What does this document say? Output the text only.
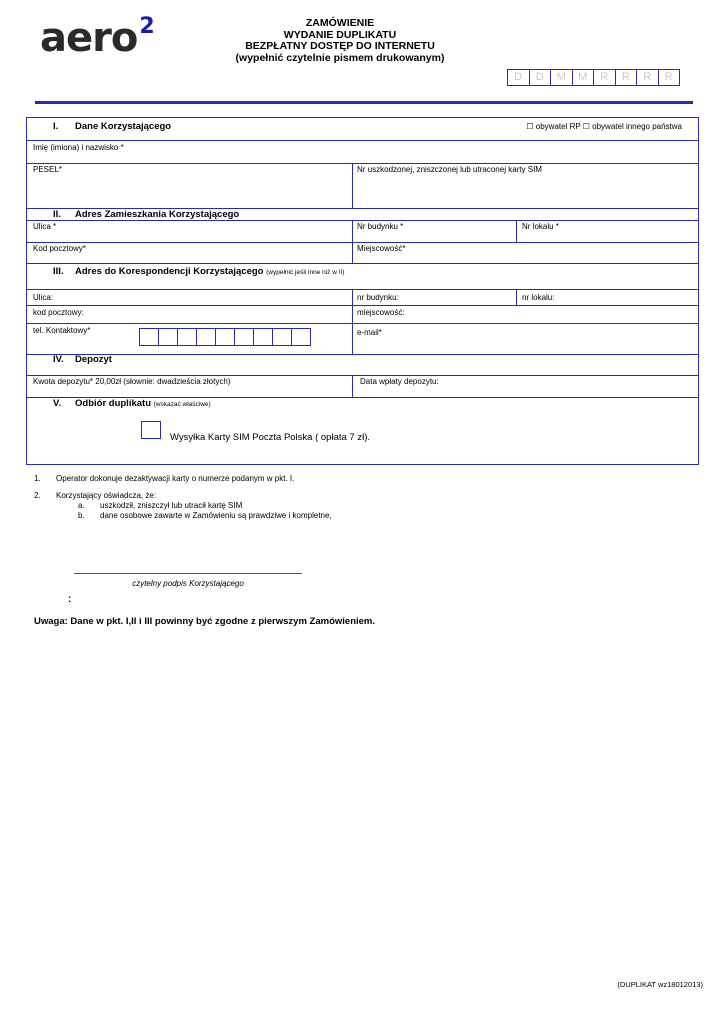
aero$^2$	ZAMÓWIENIE
WYDANIE DUPLIKATU
BEZPŁATNY DOSTĘP DO INTERNETU
(wypełnić czytelnie pismem drukowanym)
D	D	M	M	R	R	R	R
I. Dane Korzystającego	☐ obywatel RP ☐ obywatel innego państwa
Imię (imiona) i nazwisko *
PESEL*	Nr uszkodzonej, zniszczonej lub utraconej karty SIM
II. Adres Zamieszkania Korzystającego
Ulica *	Nr budynku *	Nr lokalu *
Kod pocztowy*	Miejscowość*
III. Adres do Korespondencji Korzystającego (wypełnić jeśli inne niż w II)
Ulica:	nr budynku:	nr lokalu:
kod pocztowy:	miejscowość:
tel. Kontaktowy*	e-mail*
IV. Depozyt
Kwota depozytu* 20,00zł (słownie: dwadzieścia złotych)	Data wpłaty depozytu:
V. Odbiór duplikatu (wskazać właściwe)
Wysyłka Karty SIM Poczta Polska ( opłata 7 zł).
1. Operator dokonuje dezaktywacji karty o numerze podanym w pkt. I.
2. Korzystający oświadcza, że:
a. uszkodził, zniszczył lub utracił kartę SIM
b. dane osobowe zawarte w Zamówieniu są prawdziwe i kompletne,
czytelny podpis Korzystającego
:
Uwaga: Dane w pkt. I,II i III powinny być zgodne z pierwszym Zamówieniem.
(DUPLIKAT wz18012013)
